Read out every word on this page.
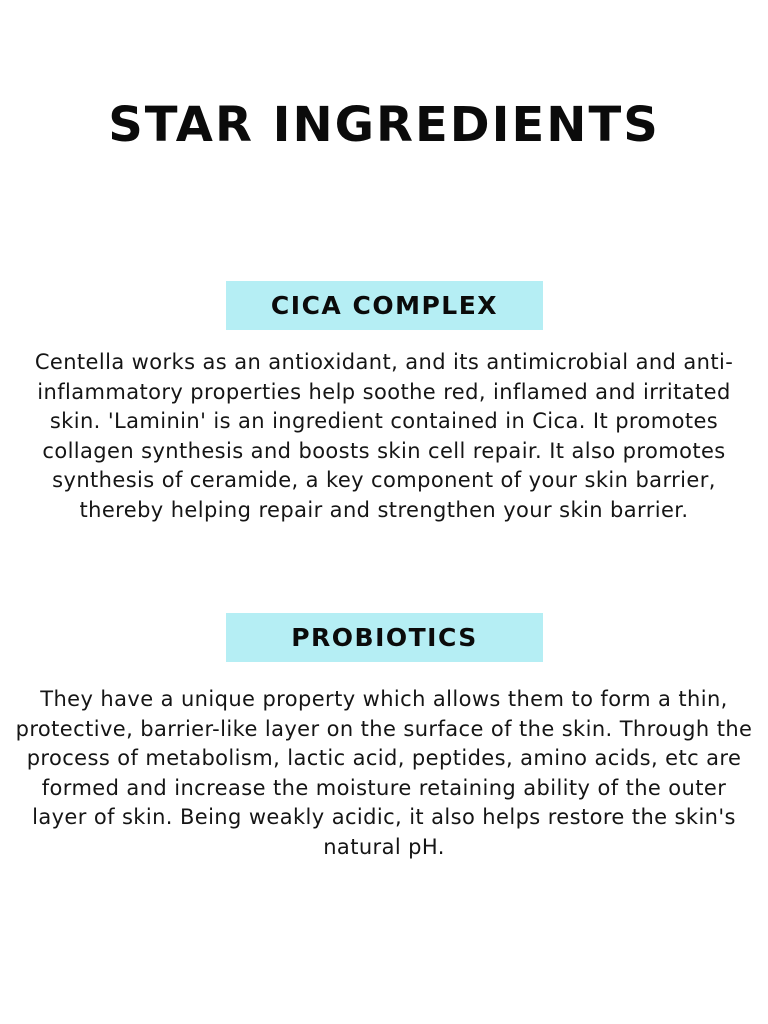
STAR INGREDIENTS
CICA COMPLEX

Centella works as an antioxidant, and its antimicrobial and anti-inflammatory properties help soothe red, inflamed and irritated skin. 'Laminin' is an ingredient contained in Cica. It promotes collagen synthesis and boosts skin cell repair. It also promotes synthesis of ceramide, a key component of your skin barrier, thereby helping repair and strengthen your skin barrier.

PROBIOTICS

They have a unique property which allows them to form a thin, protective, barrier-like layer on the surface of the skin. Through the process of metabolism, lactic acid, peptides, amino acids, etc are formed and increase the moisture retaining ability of the outer layer of skin. Being weakly acidic, it also helps restore the skin's natural pH.
